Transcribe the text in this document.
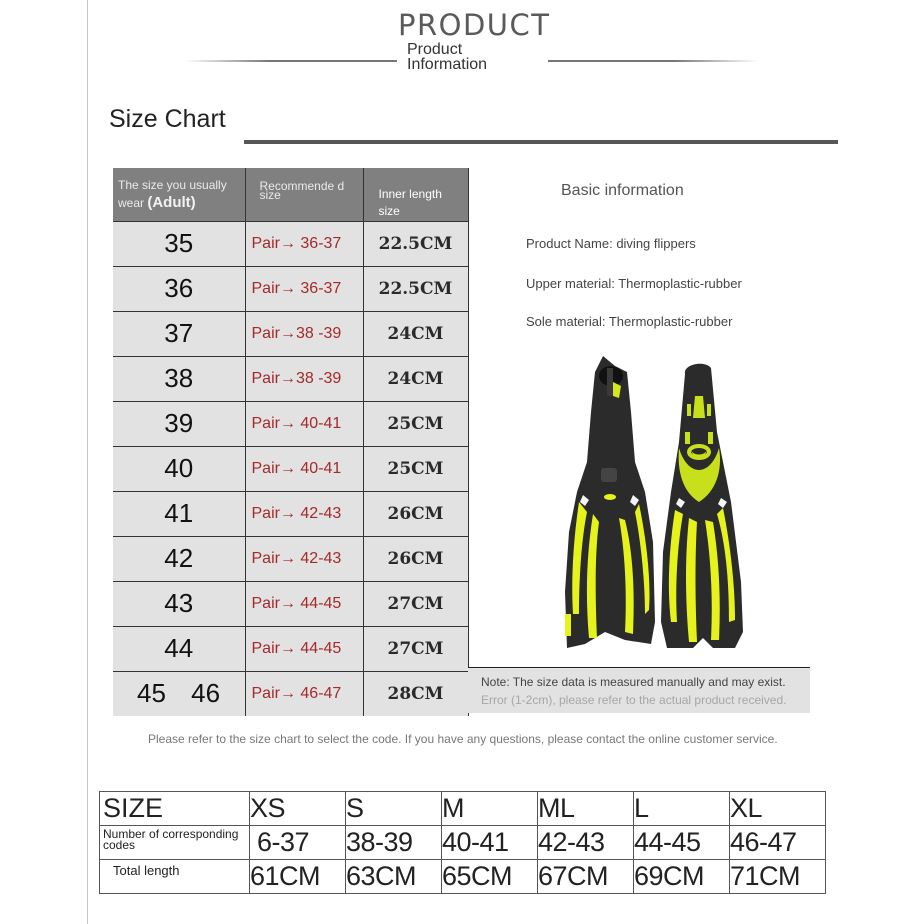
PRODUCT
Product
Information
Size Chart
The size you usually wear (Adult)	Recommende d size	Inner length size
35	Pair→ 36-37	22.5CM
36	Pair→ 36-37	22.5CM
37	Pair→38 -39	24CM
38	Pair→38 -39	24CM
39	Pair→ 40-41	25CM
40	Pair→ 40-41	25CM
41	Pair→ 42-43	26CM
42	Pair→ 42-43	26CM
43	Pair→ 44-45	27CM
44	Pair→ 44-45	27CM
45 46	Pair→ 46-47	28CM
Basic information
Product Name: diving flippers
Upper material: Thermoplastic-rubber
Sole material: Thermoplastic-rubber
Note: The size data is measured manually and may exist. Error (1-2cm), please refer to the actual product received.
Please refer to the size chart to select the code. If you have any questions, please contact the online customer service.
SIZE	XS	S	M	ML	L	XL
Number of corresponding codes	6-37	38-39	40-41	42-43	44-45	46-47
Total length	61CM	63CM	65CM	67CM	69CM	71CM
